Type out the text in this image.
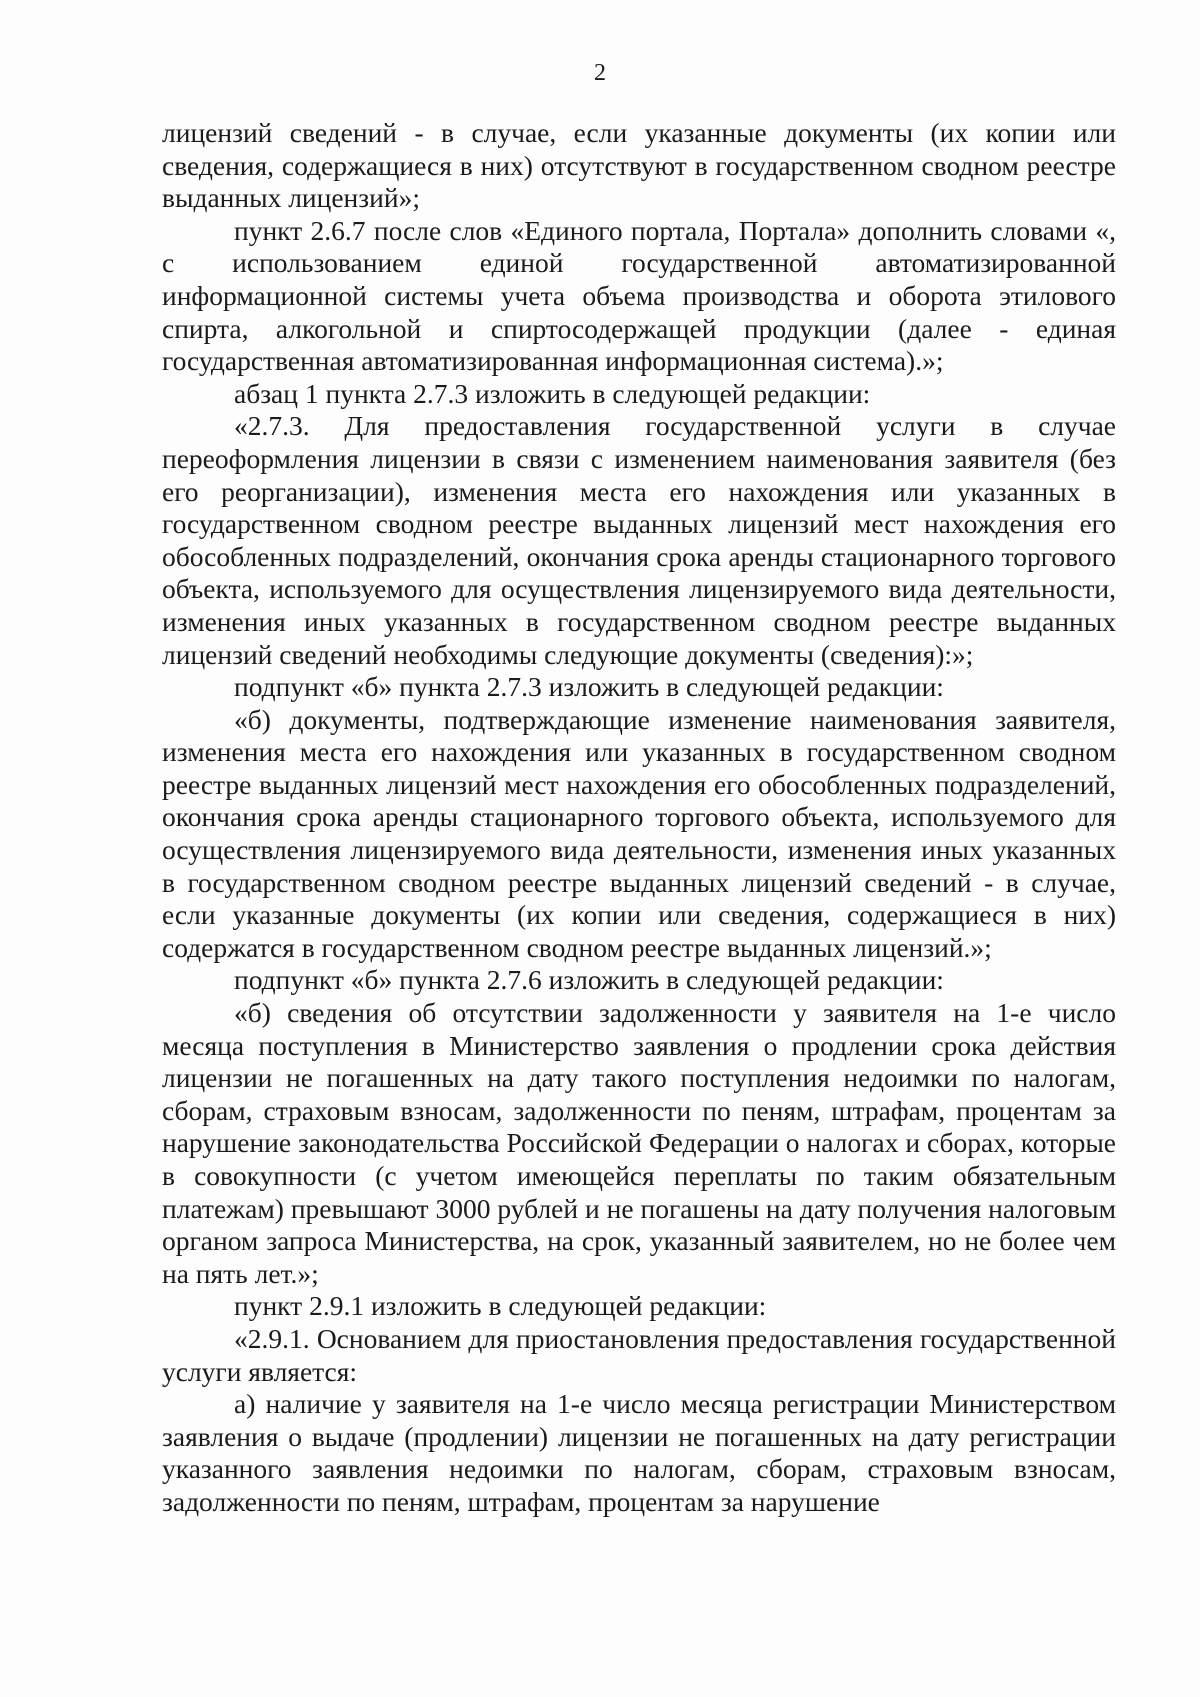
2

лицензий сведений - в случае, если указанные документы (их копии или сведения, содержащиеся в них) отсутствуют в государственном сводном реестре выданных лицензий»;

пункт 2.6.7 после слов «Единого портала, Портала» дополнить словами «, с использованием единой государственной автоматизированной информационной системы учета объема производства и оборота этилового спирта, алкогольной и спиртосодержащей продукции (далее - единая государственная автоматизированная информационная система).»;

абзац 1 пункта 2.7.3 изложить в следующей редакции:

«2.7.3. Для предоставления государственной услуги в случае переоформления лицензии в связи с изменением наименования заявителя (без его реорганизации), изменения места его нахождения или указанных в государственном сводном реестре выданных лицензий мест нахождения его обособленных подразделений, окончания срока аренды стационарного торгового объекта, используемого для осуществления лицензируемого вида деятельности, изменения иных указанных в государственном сводном реестре выданных лицензий сведений необходимы следующие документы (сведения):»;

подпункт «б» пункта 2.7.3 изложить в следующей редакции:

«б) документы, подтверждающие изменение наименования заявителя, изменения места его нахождения или указанных в государственном сводном реестре выданных лицензий мест нахождения его обособленных подразделений, окончания срока аренды стационарного торгового объекта, используемого для осуществления лицензируемого вида деятельности, изменения иных указанных в государственном сводном реестре выданных лицензий сведений - в случае, если указанные документы (их копии или сведения, содержащиеся в них) содержатся в государственном сводном реестре выданных лицензий.»;

подпункт «б» пункта 2.7.6 изложить в следующей редакции:

«б) сведения об отсутствии задолженности у заявителя на 1-е число месяца поступления в Министерство заявления о продлении срока действия лицензии не погашенных на дату такого поступления недоимки по налогам, сборам, страховым взносам, задолженности по пеням, штрафам, процентам за нарушение законодательства Российской Федерации о налогах и сборах, которые в совокупности (с учетом имеющейся переплаты по таким обязательным платежам) превышают 3000 рублей и не погашены на дату получения налоговым органом запроса Министерства, на срок, указанный заявителем, но не более чем на пять лет.»;

пункт 2.9.1 изложить в следующей редакции:

«2.9.1. Основанием для приостановления предоставления государственной услуги является:

а) наличие у заявителя на 1-е число месяца регистрации Министерством заявления о выдаче (продлении) лицензии не погашенных на дату регистрации указанного заявления недоимки по налогам, сборам, страховым взносам, задолженности по пеням, штрафам, процентам за нарушение
